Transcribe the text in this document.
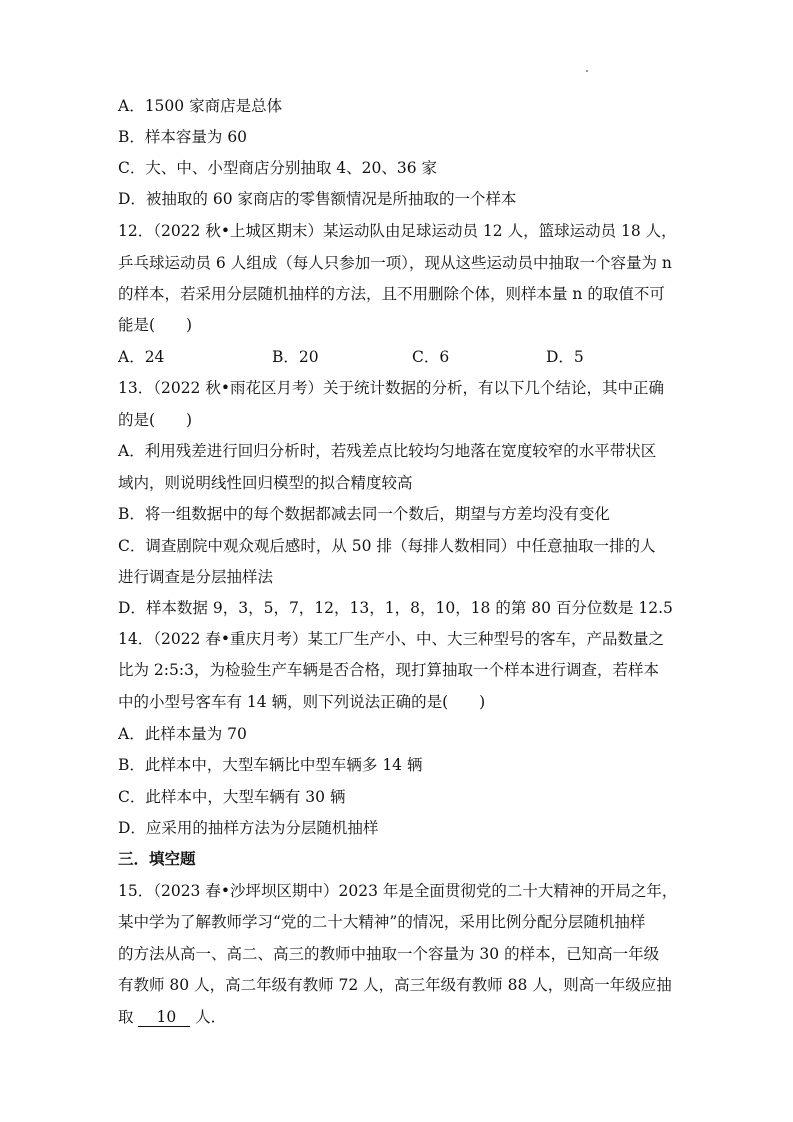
A．1500 家商店是总体
B．样本容量为 60
C．大、中、小型商店分别抽取 4、20、36 家
D．被抽取的 60 家商店的零售额情况是所抽取的一个样本
12．（2022 秋•上城区期末）某运动队由足球运动员 12 人，篮球运动员 18 人，
乒乓球运动员 6 人组成（每人只参加一项），现从这些运动员中抽取一个容量为 n
的样本，若采用分层随机抽样的方法，且不用删除个体，则样本量 n 的取值不可
能是(　　)
A．24	B．20	C．6	D．5
13．（2022 秋•雨花区月考）关于统计数据的分析，有以下几个结论，其中正确
的是(　　)
A．利用残差进行回归分析时，若残差点比较均匀地落在宽度较窄的水平带状区
域内，则说明线性回归模型的拟合精度较高
B．将一组数据中的每个数据都减去同一个数后，期望与方差均没有变化
C．调查剧院中观众观后感时，从 50 排（每排人数相同）中任意抽取一排的人
进行调查是分层抽样法
D．样本数据 9，3，5，7，12，13，1，8，10，18 的第 80 百分位数是 12.5
14．（2022 春•重庆月考）某工厂生产小、中、大三种型号的客车，产品数量之
比为 2:5:3，为检验生产车辆是否合格，现打算抽取一个样本进行调查，若样本
中的小型号客车有 14 辆，则下列说法正确的是(　　)
A．此样本量为 70
B．此样本中，大型车辆比中型车辆多 14 辆
C．此样本中，大型车辆有 30 辆
D．应采用的抽样方法为分层随机抽样
三．填空题
15．（2023 春•沙坪坝区期中）2023 年是全面贯彻党的二十大精神的开局之年，
某中学为了解教师学习“党的二十大精神”的情况，采用比例分配分层随机抽样
的方法从高一、高二、高三的教师中抽取一个容量为 30 的样本，已知高一年级
有教师 80 人，高二年级有教师 72 人，高三年级有教师 88 人，则高一年级应抽
取 10 人．
